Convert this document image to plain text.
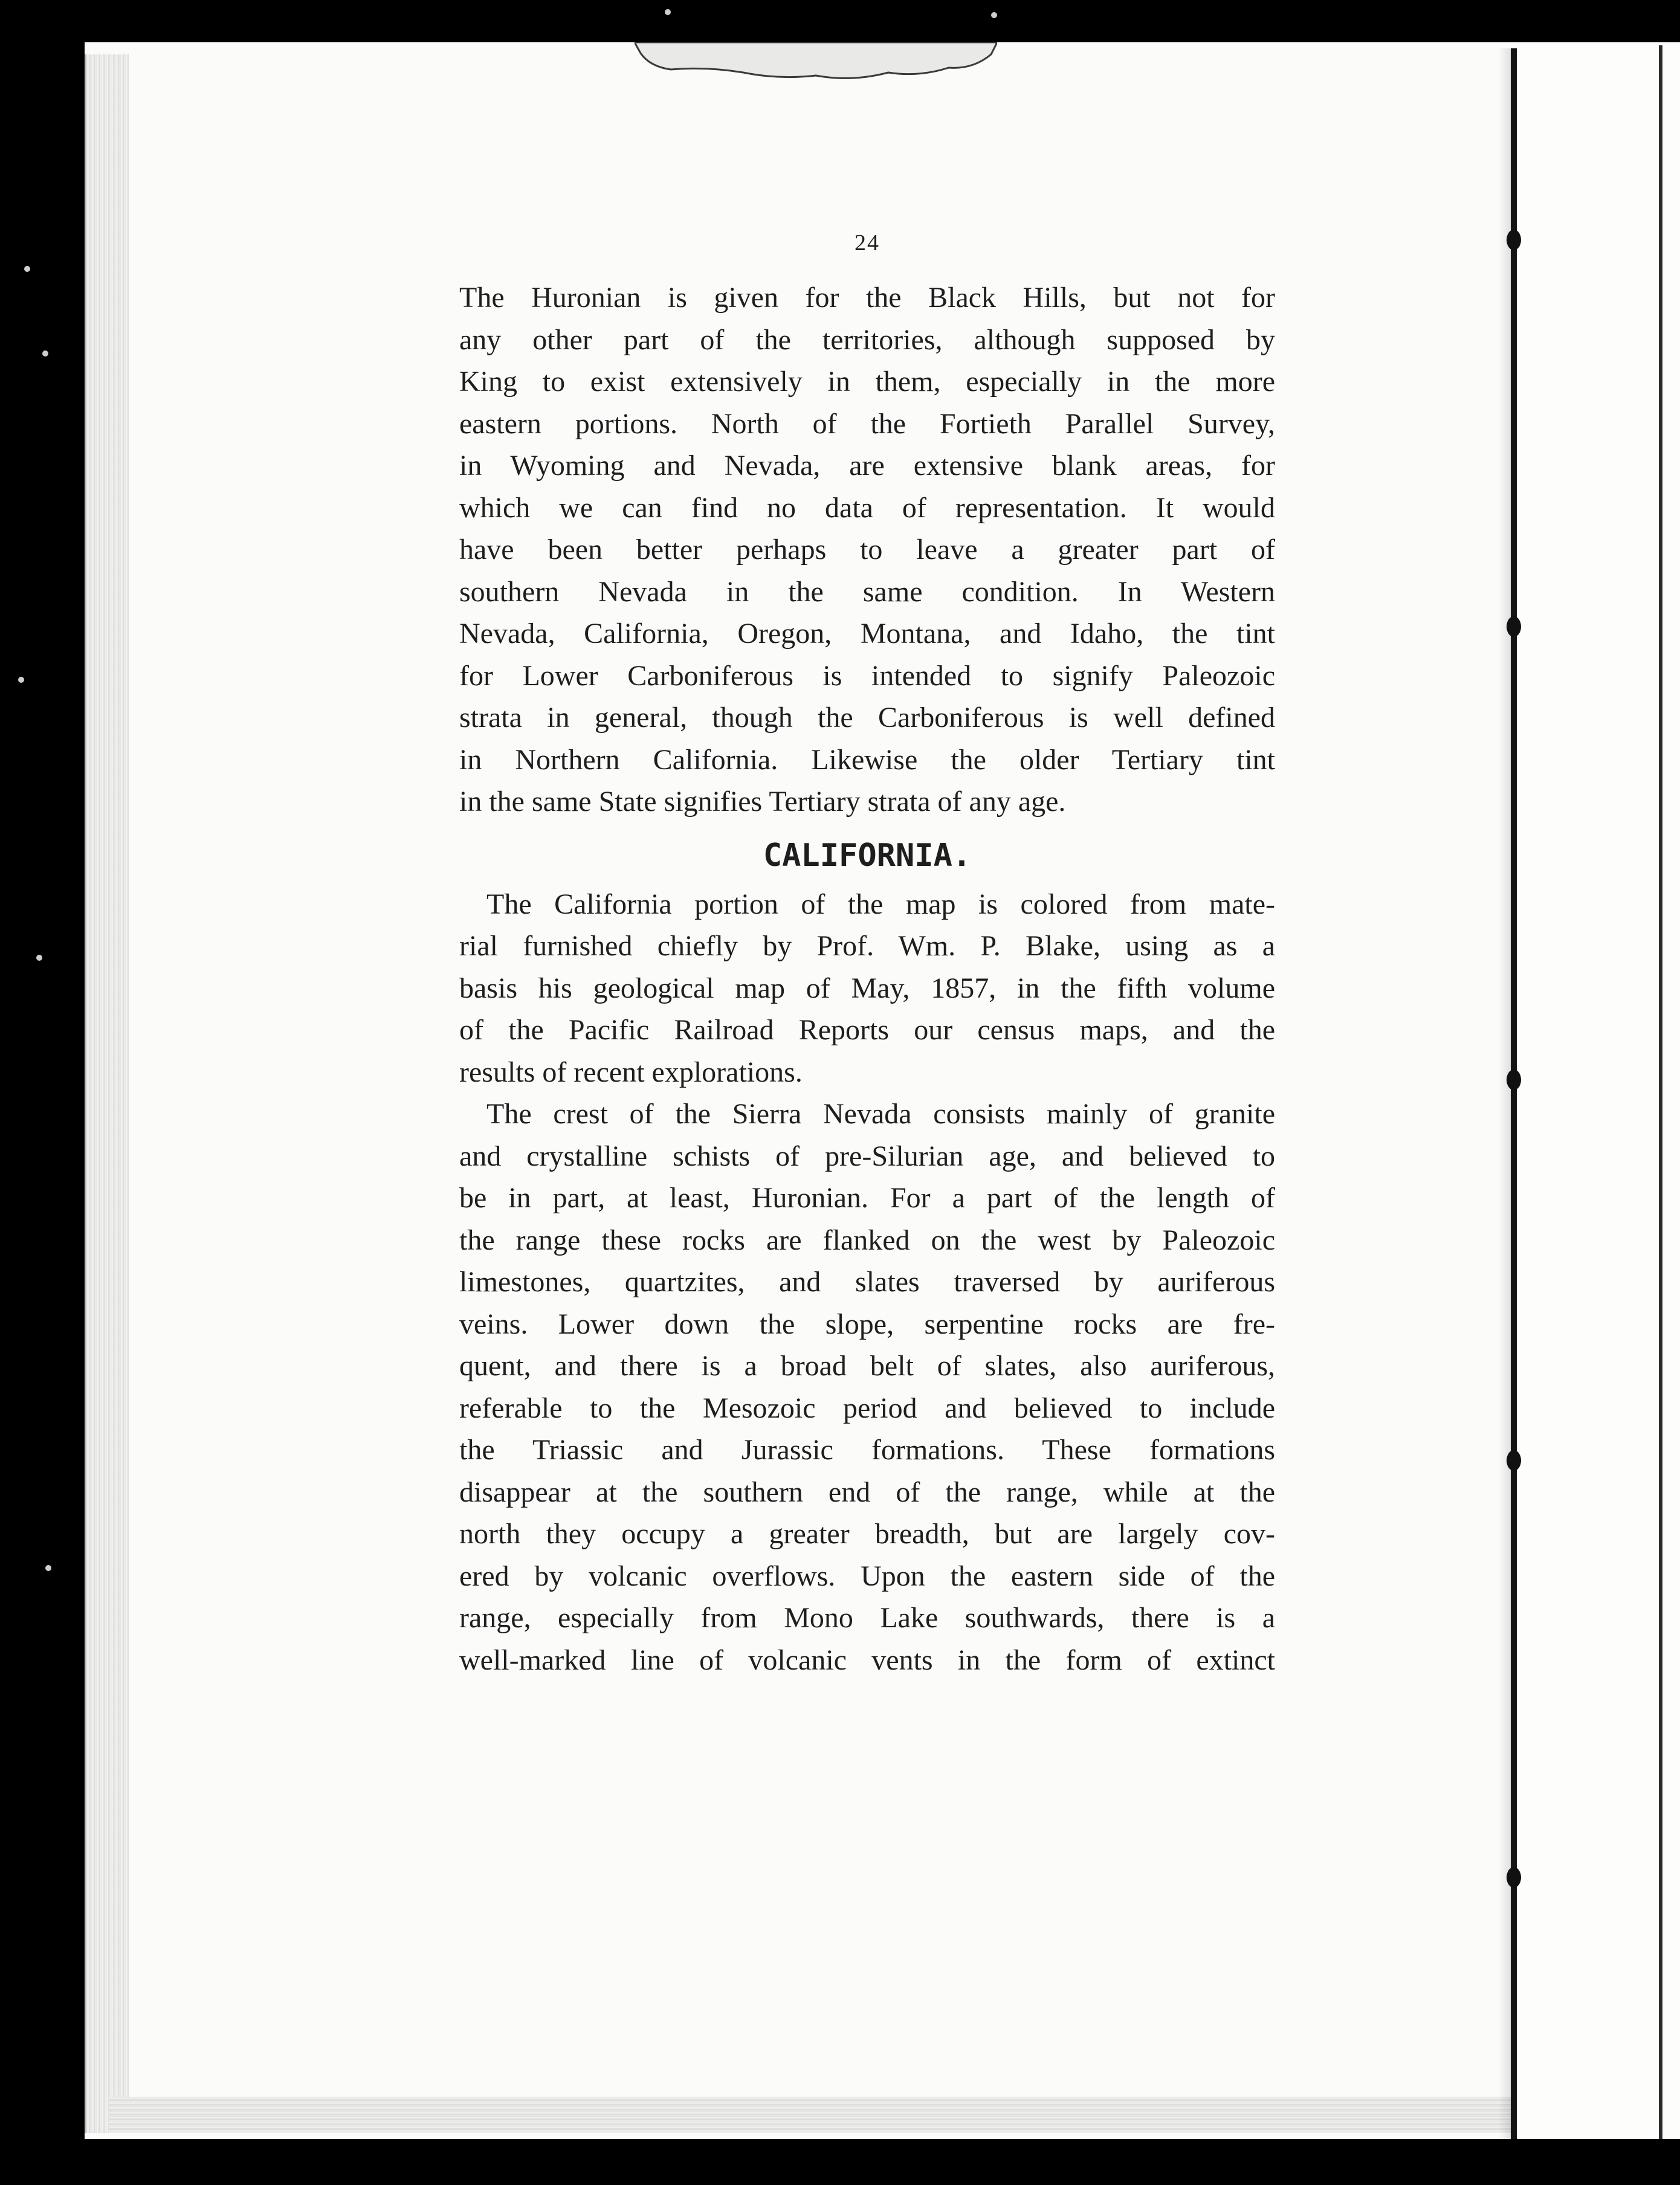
24

The Huronian is given for the Black Hills, but not for
any other part of the territories, although supposed by
King to exist extensively in them, especially in the more
eastern portions. North of the Fortieth Parallel Survey,
in Wyoming and Nevada, are extensive blank areas, for
which we can find no data of representation. It would
have been better perhaps to leave a greater part of
southern Nevada in the same condition. In Western
Nevada, California, Oregon, Montana, and Idaho, the tint
for Lower Carboniferous is intended to signify Paleozoic
strata in general, though the Carboniferous is well defined
in Northern California. Likewise the older Tertiary tint
in the same State signifies Tertiary strata of any age.

CALIFORNIA.

The California portion of the map is colored from mate-
rial furnished chiefly by Prof. Wm. P. Blake, using as a
basis his geological map of May, 1857, in the fifth volume
of the Pacific Railroad Reports our census maps, and the
results of recent explorations.

The crest of the Sierra Nevada consists mainly of granite
and crystalline schists of pre-Silurian age, and believed to
be in part, at least, Huronian. For a part of the length of
the range these rocks are flanked on the west by Paleozoic
limestones, quartzites, and slates traversed by auriferous
veins. Lower down the slope, serpentine rocks are fre-
quent, and there is a broad belt of slates, also auriferous,
referable to the Mesozoic period and believed to include
the Triassic and Jurassic formations. These formations
disappear at the southern end of the range, while at the
north they occupy a greater breadth, but are largely cov-
ered by volcanic overflows. Upon the eastern side of the
range, especially from Mono Lake southwards, there is a
well-marked line of volcanic vents in the form of extinct
